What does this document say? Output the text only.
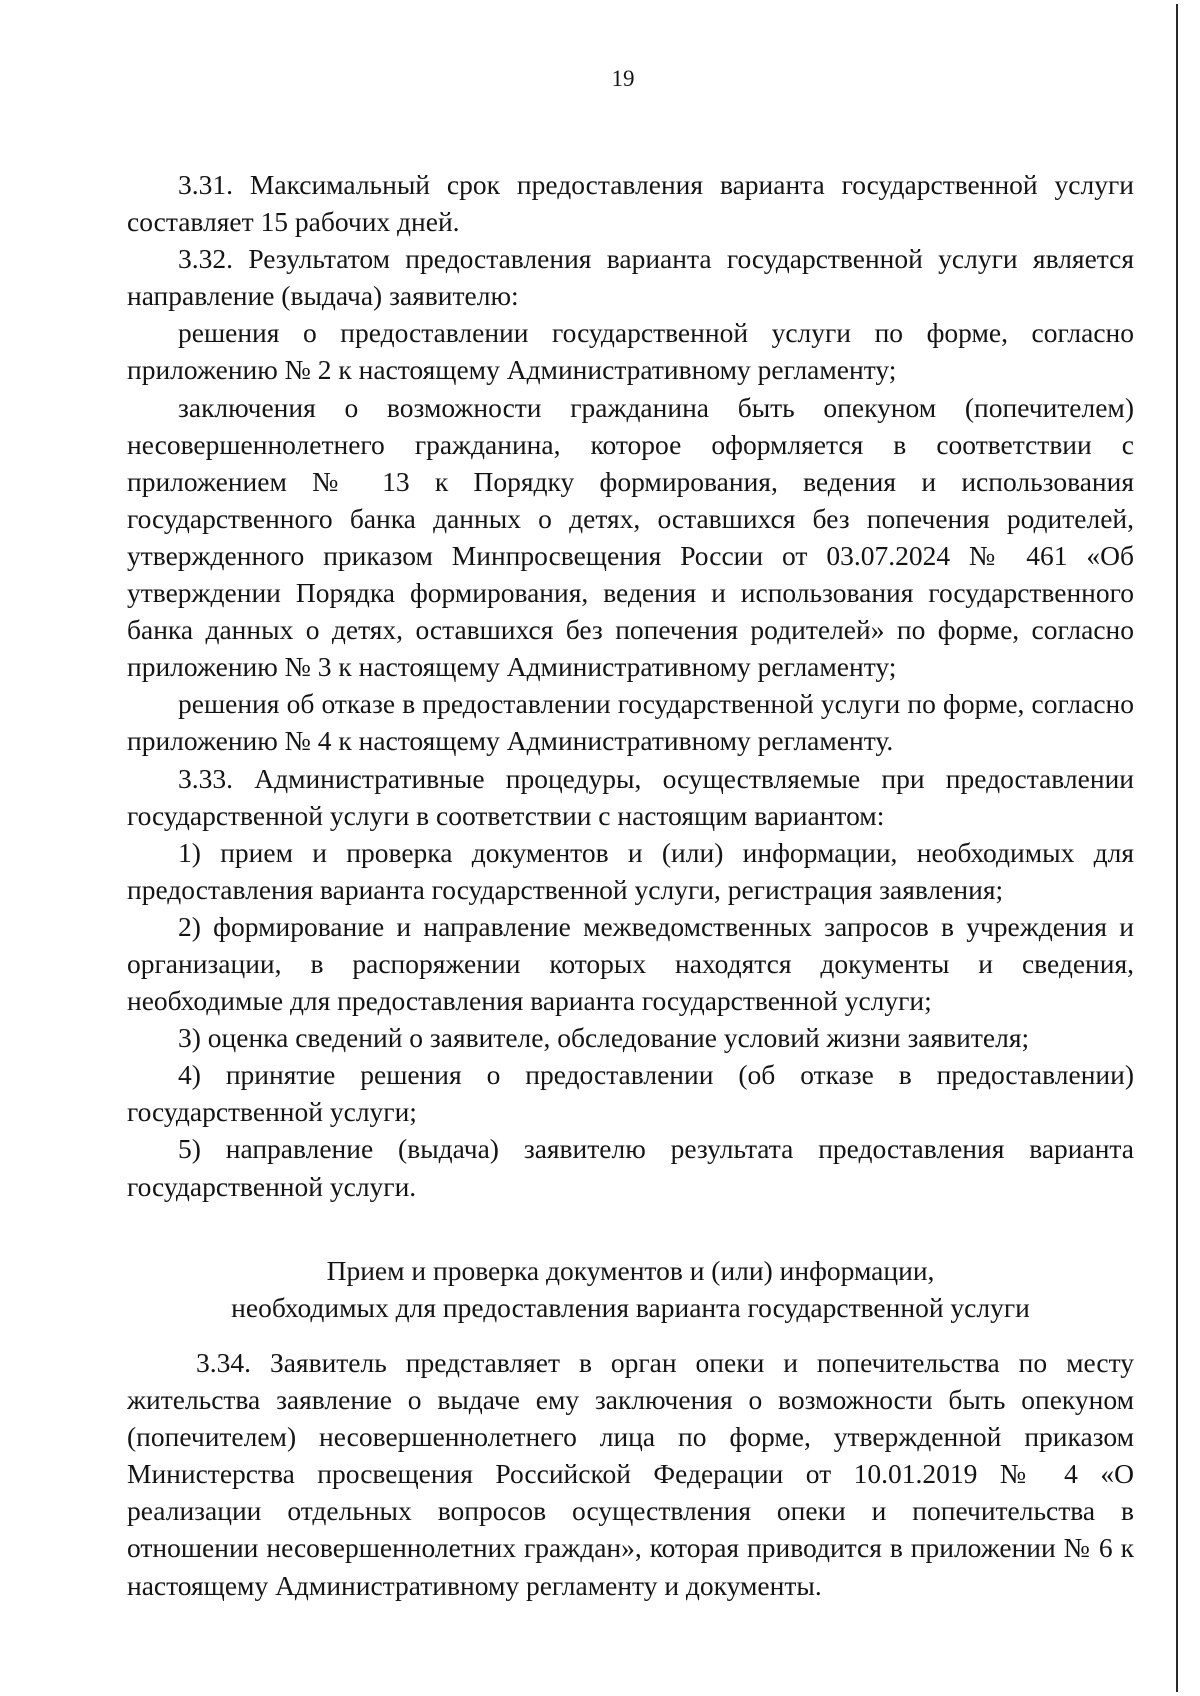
19

3.31. Максимальный срок предоставления варианта государственной услуги составляет 15 рабочих дней.

3.32. Результатом предоставления варианта государственной услуги является направление (выдача) заявителю:

решения о предоставлении государственной услуги по форме, согласно приложению № 2 к настоящему Административному регламенту;

заключения о возможности гражданина быть опекуном (попечителем) несовершеннолетнего гражданина, которое оформляется в соответствии с приложением № 13 к Порядку формирования, ведения и использования государственного банка данных о детях, оставшихся без попечения родителей, утвержденного приказом Минпросвещения России от 03.07.2024 № 461 «Об утверждении Порядка формирования, ведения и использования государственного банка данных о детях, оставшихся без попечения родителей» по форме, согласно приложению № 3 к настоящему Административному регламенту;

решения об отказе в предоставлении государственной услуги по форме, согласно приложению № 4 к настоящему Административному регламенту.

3.33. Административные процедуры, осуществляемые при предоставлении государственной услуги в соответствии с настоящим вариантом:

1) прием и проверка документов и (или) информации, необходимых для предоставления варианта государственной услуги, регистрация заявления;

2) формирование и направление межведомственных запросов в учреждения и организации, в распоряжении которых находятся документы и сведения, необходимые для предоставления варианта государственной услуги;

3) оценка сведений о заявителе, обследование условий жизни заявителя;

4) принятие решения о предоставлении (об отказе в предоставлении) государственной услуги;

5) направление (выдача) заявителю результата предоставления варианта государственной услуги.

Прием и проверка документов и (или) информации,
необходимых для предоставления варианта государственной услуги

3.34. Заявитель представляет в орган опеки и попечительства по месту жительства заявление о выдаче ему заключения о возможности быть опекуном (попечителем) несовершеннолетнего лица по форме, утвержденной приказом Министерства просвещения Российской Федерации от 10.01.2019 № 4 «О реализации отдельных вопросов осуществления опеки и попечительства в отношении несовершеннолетних граждан», которая приводится в приложении № 6 к настоящему Административному регламенту и документы.
